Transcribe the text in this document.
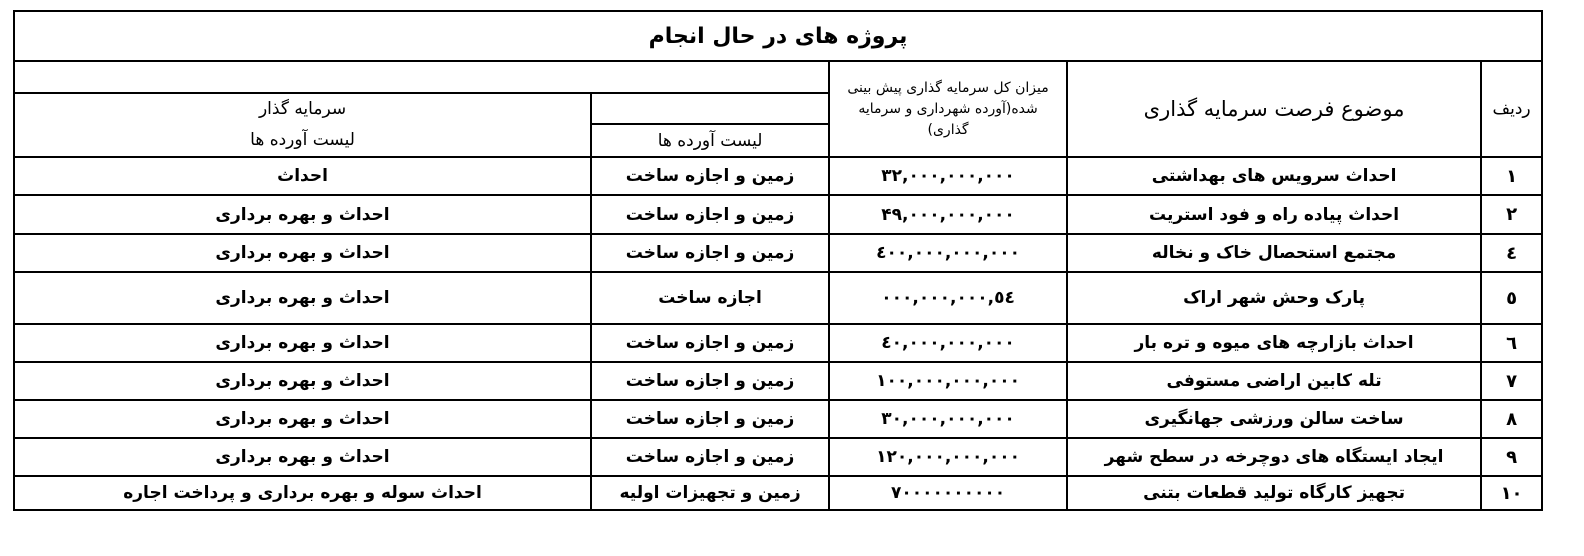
پروژه های در حال انجام				
ردیف	موضوع فرصت سرمایه گذاری	میزان کل سرمایه گذاری پیش بینی شده(آورده شهرداری و سرمایه گذاری)		
				سرمایه گذار
			لیست آورده ها	لیست آورده ها
۱	احداث سرویس های بهداشتی	۳۲,۰۰۰,۰۰۰,۰۰۰	زمین و اجازه ساخت	احداث
۲	احداث پیاده راه و فود استریت	۴۹,۰۰۰,۰۰۰,۰۰۰	زمین و اجازه ساخت	احداث و بهره برداری
٤	مجتمع استحصال خاک و نخاله	٤۰۰,۰۰۰,۰۰۰,۰۰۰	زمین و اجازه ساخت	احداث و بهره برداری
٥	پارک وحش شهر اراک	٥٤,۰۰۰,۰۰۰,۰۰۰	اجازه ساخت	احداث و بهره برداری
٦	احداث بازارچه های میوه و تره بار	٤۰,۰۰۰,۰۰۰,۰۰۰	زمین و اجازه ساخت	احداث و بهره برداری
۷	تله کابین اراضی مستوفی	۱۰۰,۰۰۰,۰۰۰,۰۰۰	زمین و اجازه ساخت	احداث و بهره برداری
۸	ساخت سالن ورزشی جهانگیری	۳۰,۰۰۰,۰۰۰,۰۰۰	زمین و اجازه ساخت	احداث و بهره برداری
۹	ایجاد ایستگاه های دوچرخه در سطح شهر	۱۲۰,۰۰۰,۰۰۰,۰۰۰	زمین و اجازه ساخت	احداث و بهره برداری
۱۰	تجهیز کارگاه تولید قطعات بتنی	۷۰۰۰۰۰۰۰۰۰۰	زمین و تجهیزات اولیه	احداث سوله و بهره برداری و پرداخت اجاره
